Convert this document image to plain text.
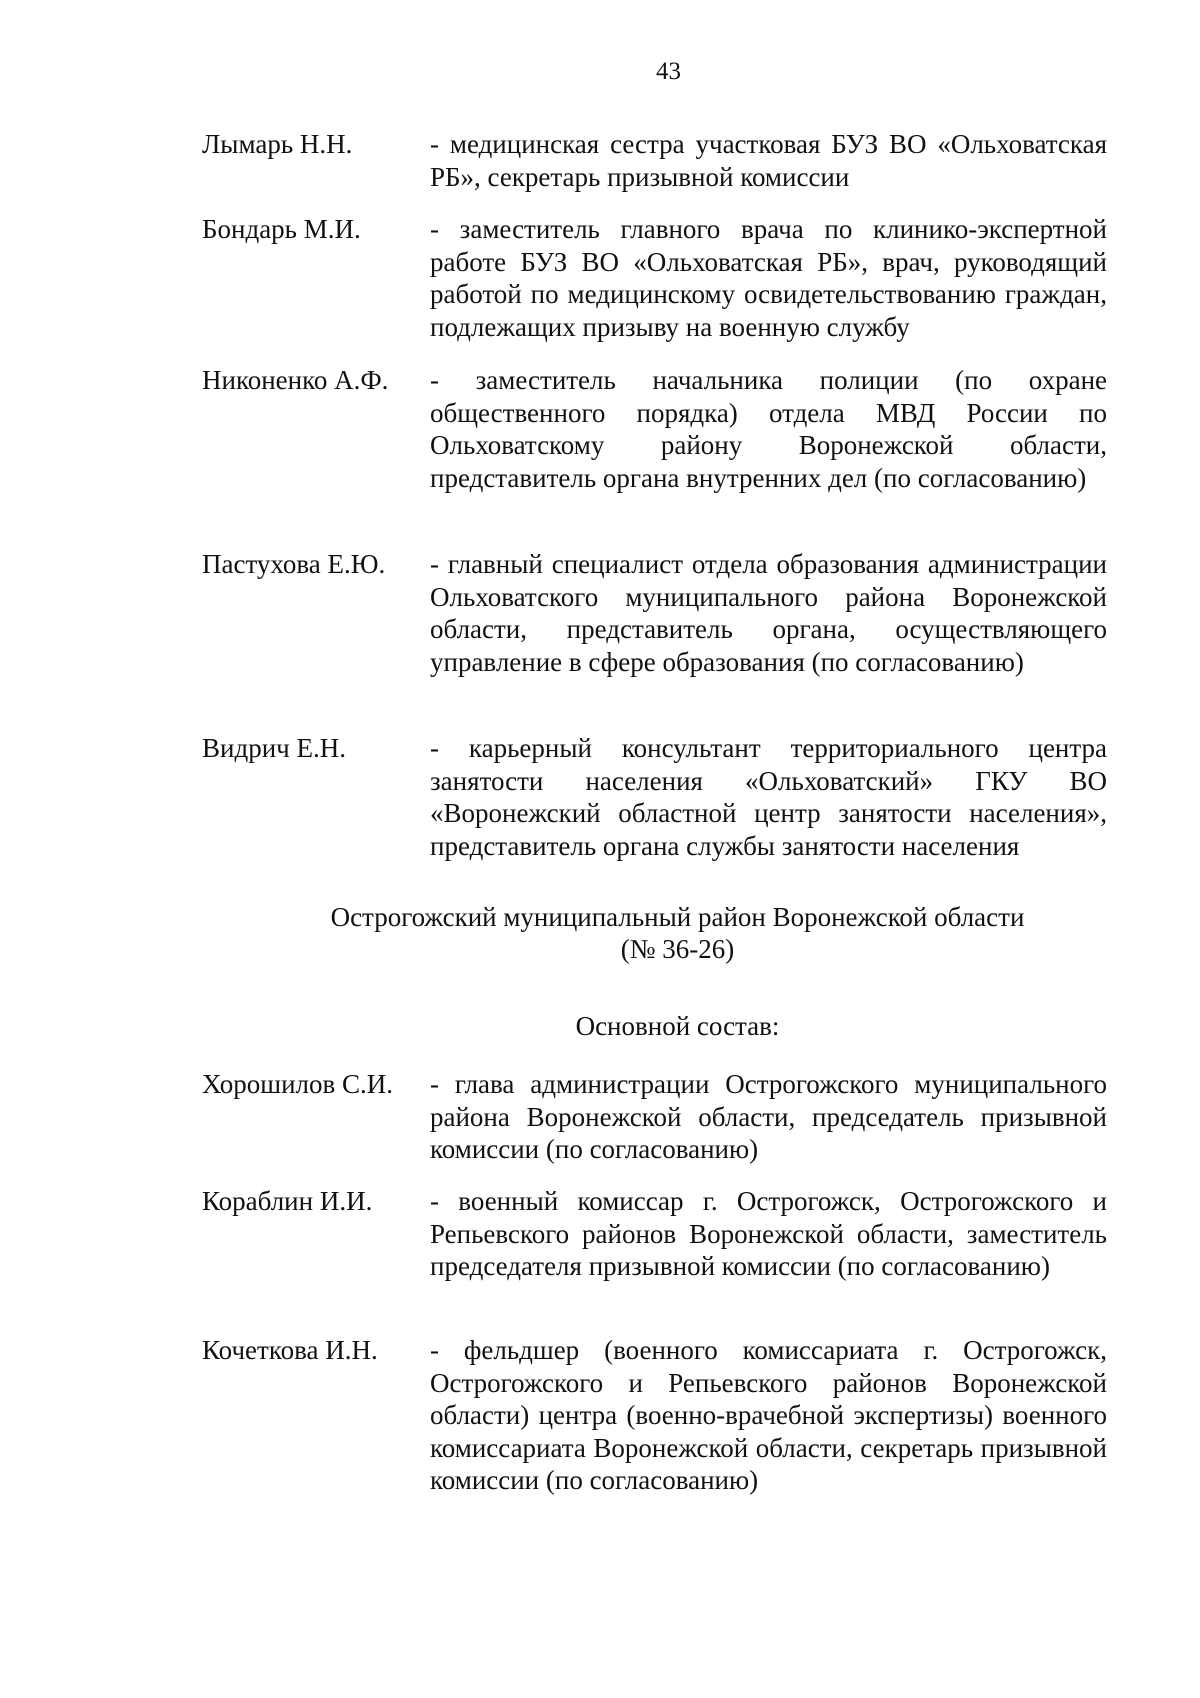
43
Лымарь Н.Н.	- медицинская сестра участковая БУЗ ВО «Ольховатская РБ», секретарь призывной комиссии
Бондарь М.И.	- заместитель главного врача по клинико-экспертной работе БУЗ ВО «Ольховатская РБ», врач, руководящий работой по медицинскому освидетельствованию граждан, подлежащих призыву на военную службу
Никоненко А.Ф. - заместитель начальника полиции (по охране общественного порядка) отдела МВД России по Ольховатскому району Воронежской области, представитель органа внутренних дел (по согласованию)
Пастухова Е.Ю. - главный специалист отдела образования администрации Ольховатского муниципального района Воронежской области, представитель органа, осуществляющего управление в сфере образования (по согласованию)
Видрич Е.Н.	- карьерный консультант территориального центра занятости населения «Ольховатский» ГКУ ВО «Воронежский областной центр занятости населения», представитель органа службы занятости населения
Острогожский муниципальный район Воронежской области
(№ 36-26)
Основной состав:
Хорошилов С.И. - глава администрации Острогожского муниципального района Воронежской области, председатель призывной комиссии (по согласованию)
Кораблин И.И. - военный комиссар г. Острогожск, Острогожского и Репьевского районов Воронежской области, заместитель председателя призывной комиссии (по согласованию)
Кочеткова И.Н. - фельдшер (военного комиссариата г. Острогожск, Острогожского и Репьевского районов Воронежской области) центра (военно-врачебной экспертизы) военного комиссариата Воронежской области, секретарь призывной комиссии (по согласованию)
